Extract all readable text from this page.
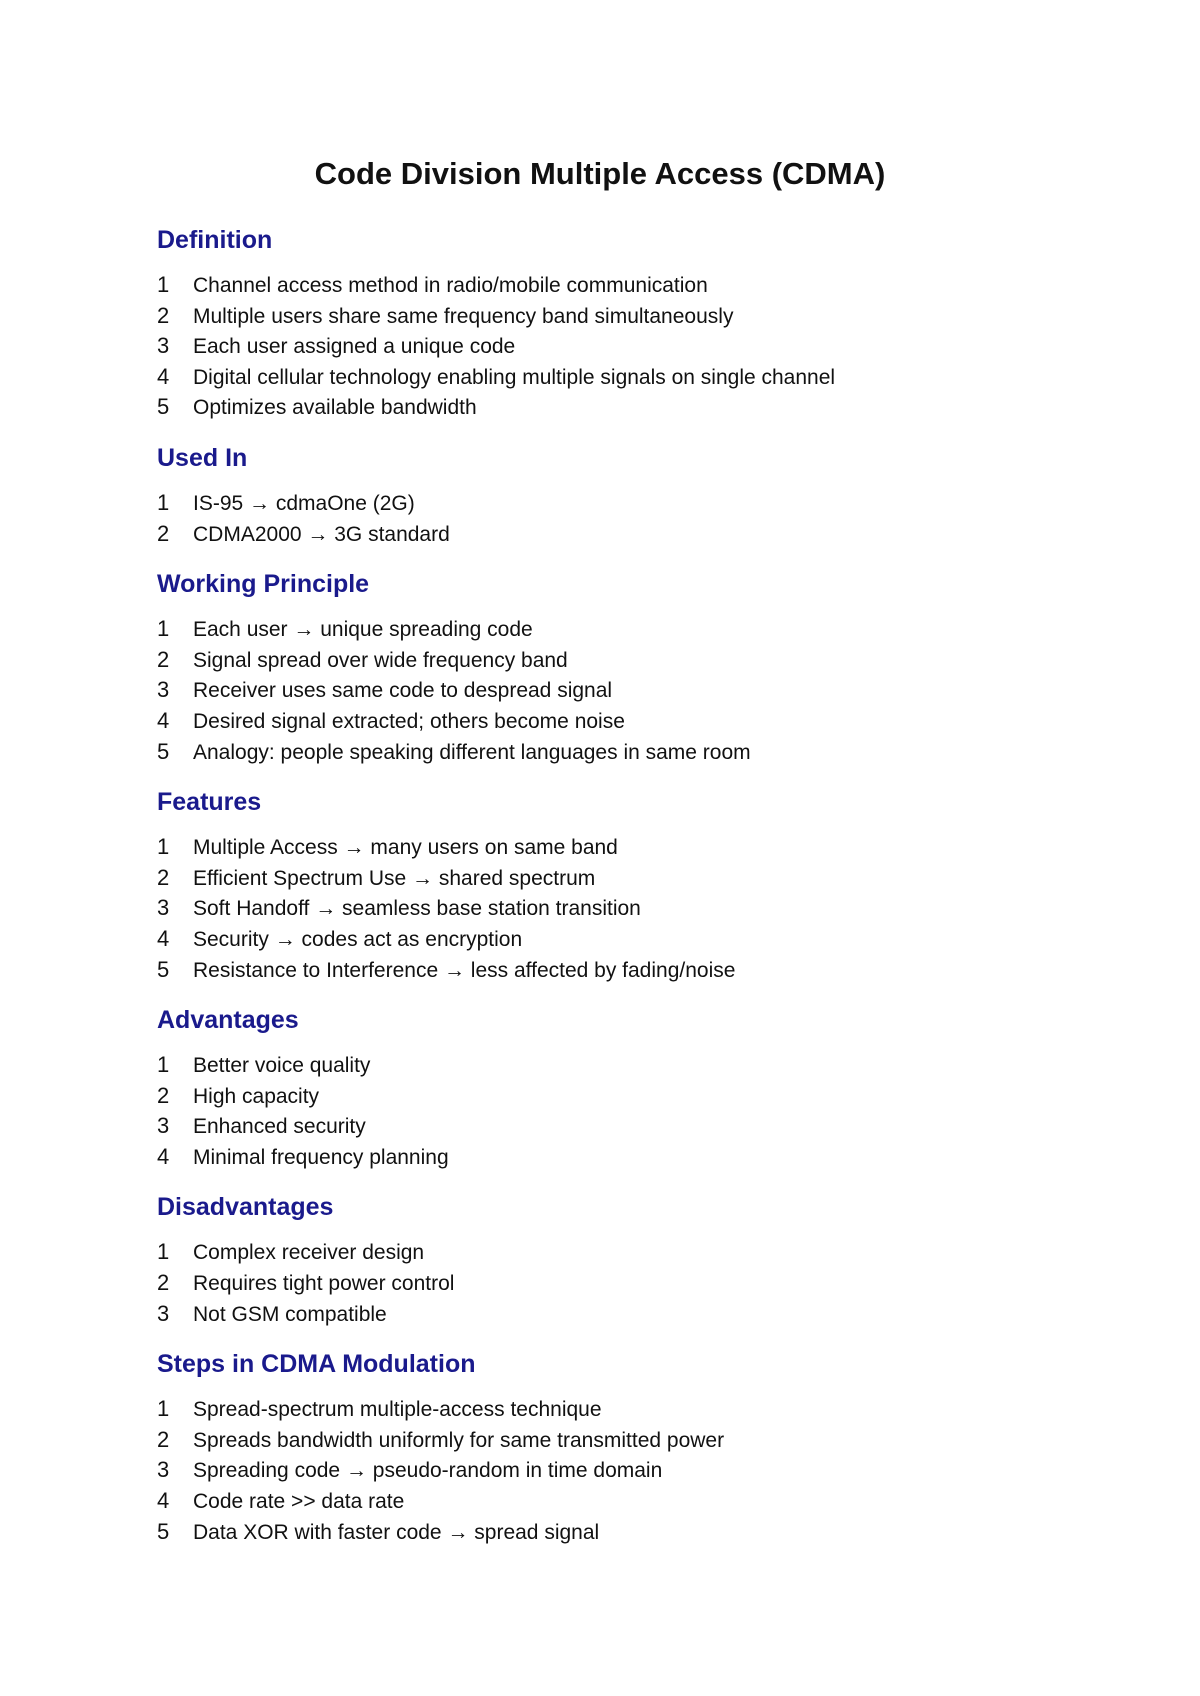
Code Division Multiple Access (CDMA)
Definition
1	Channel access method in radio/mobile communication
2	Multiple users share same frequency band simultaneously
3	Each user assigned a unique code
4	Digital cellular technology enabling multiple signals on single channel
5	Optimizes available bandwidth
Used In
1	IS-95 → cdmaOne (2G)
2	CDMA2000 → 3G standard
Working Principle
1	Each user → unique spreading code
2	Signal spread over wide frequency band
3	Receiver uses same code to despread signal
4	Desired signal extracted; others become noise
5	Analogy: people speaking different languages in same room
Features
1	Multiple Access → many users on same band
2	Efficient Spectrum Use → shared spectrum
3	Soft Handoff → seamless base station transition
4	Security → codes act as encryption
5	Resistance to Interference → less affected by fading/noise
Advantages
1	Better voice quality
2	High capacity
3	Enhanced security
4	Minimal frequency planning
Disadvantages
1	Complex receiver design
2	Requires tight power control
3	Not GSM compatible
Steps in CDMA Modulation
1	Spread-spectrum multiple-access technique
2	Spreads bandwidth uniformly for same transmitted power
3	Spreading code → pseudo-random in time domain
4	Code rate >> data rate
5	Data XOR with faster code → spread signal
